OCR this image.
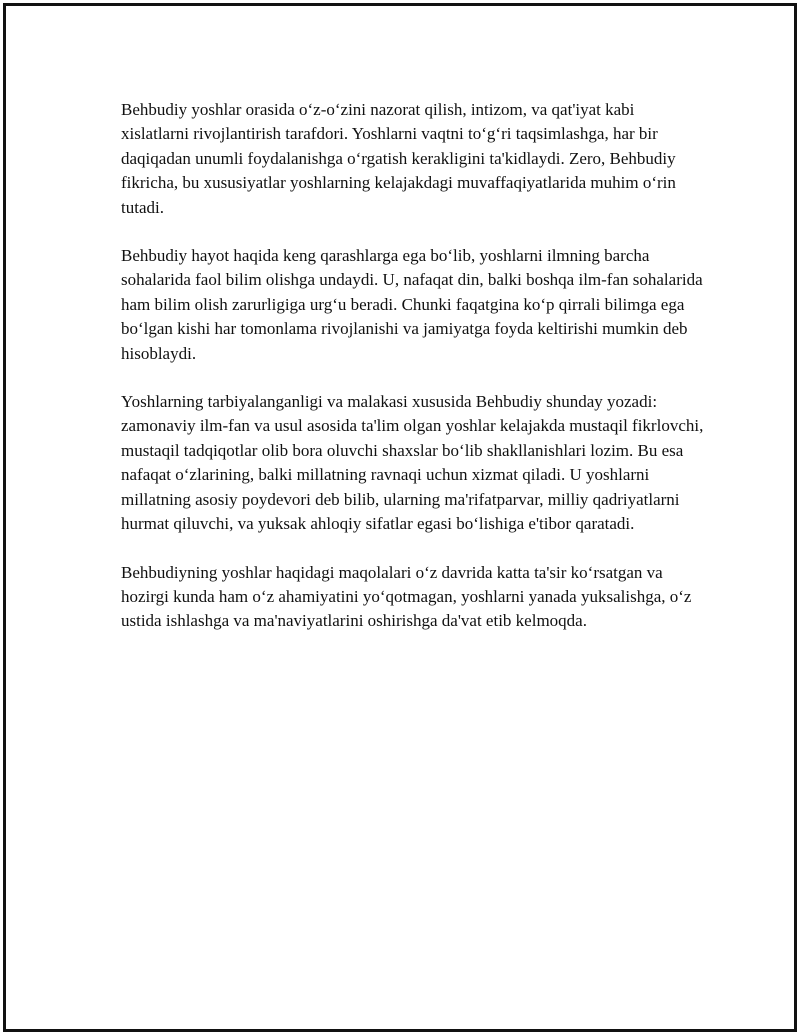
Behbudiy yoshlar orasida o‘z-o‘zini nazorat qilish, intizom, va qat'iyat kabi xislatlarni rivojlantirish tarafdori. Yoshlarni vaqtni to‘g‘ri taqsimlashga, har bir daqiqadan unumli foydalanishga o‘rgatish kerakligini ta'kidlaydi. Zero, Behbudiy fikricha, bu xususiyatlar yoshlarning kelajakdagi muvaffaqiyatlarida muhim o‘rin tutadi.

Behbudiy hayot haqida keng qarashlarga ega bo‘lib, yoshlarni ilmning barcha sohalarida faol bilim olishga undaydi. U, nafaqat din, balki boshqa ilm-fan sohalarida ham bilim olish zarurligiga urg‘u beradi. Chunki faqatgina ko‘p qirrali bilimga ega bo‘lgan kishi har tomonlama rivojlanishi va jamiyatga foyda keltirishi mumkin deb hisoblaydi.

Yoshlarning tarbiyalanganligi va malakasi xususida Behbudiy shunday yozadi: zamonaviy ilm-fan va usul asosida ta'lim olgan yoshlar kelajakda mustaqil fikrlovchi, mustaqil tadqiqotlar olib bora oluvchi shaxslar bo‘lib shakllanishlari lozim. Bu esa nafaqat o‘zlarining, balki millatning ravnaqi uchun xizmat qiladi. U yoshlarni millatning asosiy poydevori deb bilib, ularning ma'rifatparvar, milliy qadriyatlarni hurmat qiluvchi, va yuksak ahloqiy sifatlar egasi bo‘lishiga e'tibor qaratadi.

Behbudiyning yoshlar haqidagi maqolalari o‘z davrida katta ta'sir ko‘rsatgan va hozirgi kunda ham o‘z ahamiyatini yo‘qotmagan, yoshlarni yanada yuksalishga, o‘z ustida ishlashga va ma'naviyatlarini oshirishga da'vat etib kelmoqda.
